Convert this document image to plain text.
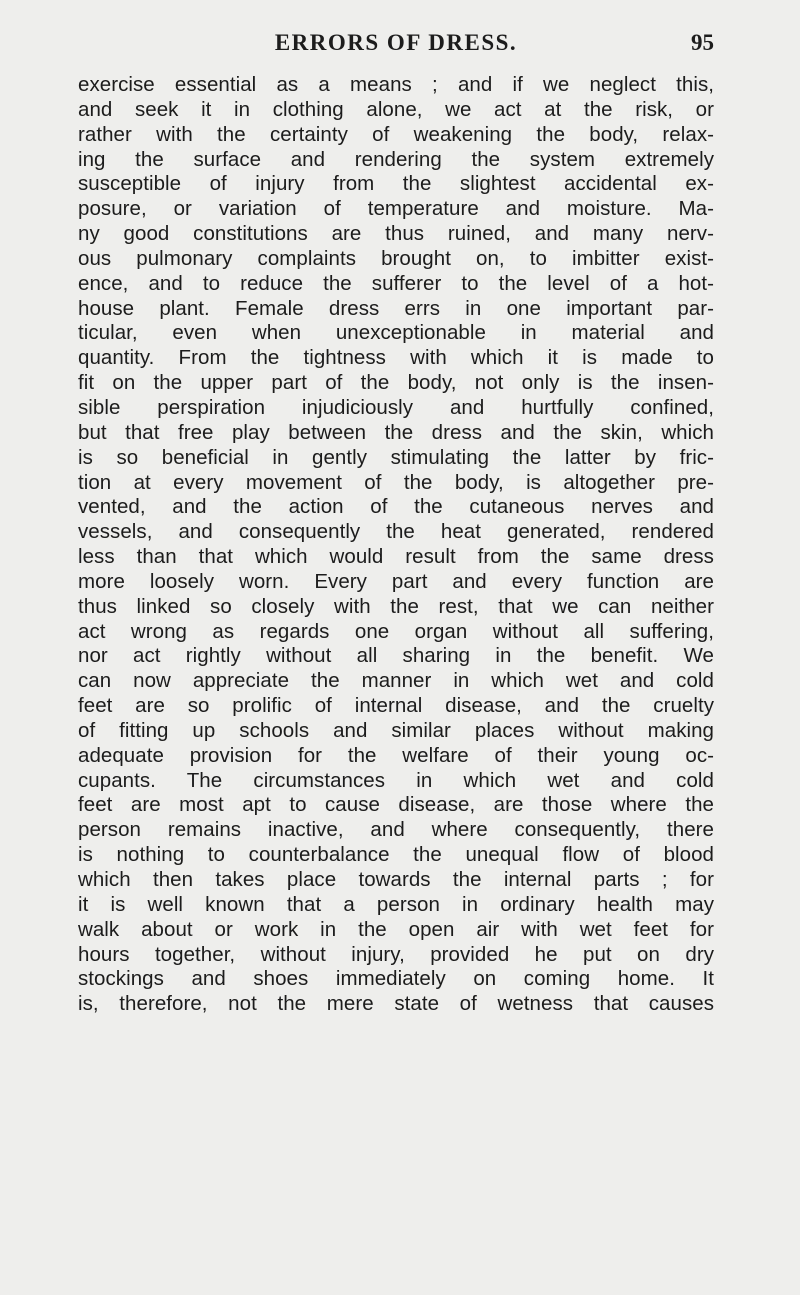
ERRORS OF DRESS.	95
exercise essential as a means ; and if we neglect this,
and seek it in clothing alone, we act at the risk, or
rather with the certainty of weakening the body, relax-
ing the surface and rendering the system extremely
susceptible of injury from the slightest accidental ex-
posure, or variation of temperature and moisture. Ma-
ny good constitutions are thus ruined, and many nerv-
ous pulmonary complaints brought on, to imbitter exist-
ence, and to reduce the sufferer to the level of a hot-
house plant. Female dress errs in one important par-
ticular, even when unexceptionable in material and
quantity. From the tightness with which it is made to
fit on the upper part of the body, not only is the insen-
sible perspiration injudiciously and hurtfully confined,
but that free play between the dress and the skin, which
is so beneficial in gently stimulating the latter by fric-
tion at every movement of the body, is altogether pre-
vented, and the action of the cutaneous nerves and
vessels, and consequently the heat generated, rendered
less than that which would result from the same dress
more loosely worn. Every part and every function are
thus linked so closely with the rest, that we can neither
act wrong as regards one organ without all suffering,
nor act rightly without all sharing in the benefit. We
can now appreciate the manner in which wet and cold
feet are so prolific of internal disease, and the cruelty
of fitting up schools and similar places without making
adequate provision for the welfare of their young oc-
cupants. The circumstances in which wet and cold
feet are most apt to cause disease, are those where the
person remains inactive, and where consequently, there
is nothing to counterbalance the unequal flow of blood
which then takes place towards the internal parts ; for
it is well known that a person in ordinary health may
walk about or work in the open air with wet feet for
hours together, without injury, provided he put on dry
stockings and shoes immediately on coming home. It
is, therefore, not the mere state of wetness that causes
